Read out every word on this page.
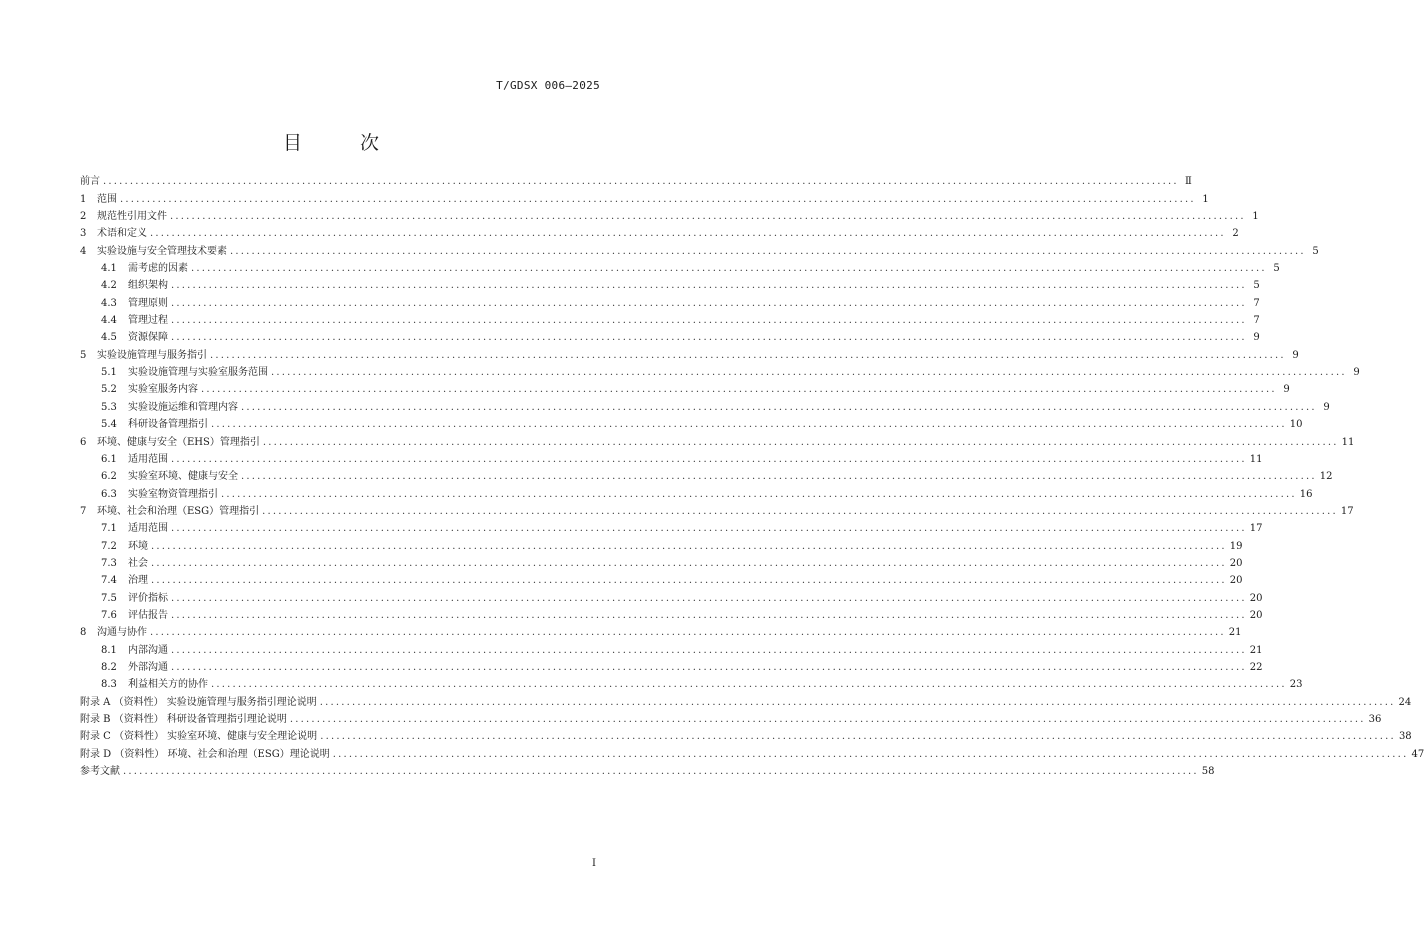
T/GDSX 006—2025
目 次
前言 ........................................................................................................................................................................................................ Ⅱ
1 范围 ........................................................................................................................................................................................................ 1
2 规范性引用文件 ........................................................................................................................................................................................................ 1
3 术语和定义 ........................................................................................................................................................................................................ 2
4 实验设施与安全管理技术要素 ........................................................................................................................................................................................................ 5
4.1 需考虑的因素 ........................................................................................................................................................................................................ 5
4.2 组织架构 ........................................................................................................................................................................................................ 5
4.3 管理原则 ........................................................................................................................................................................................................ 7
4.4 管理过程 ........................................................................................................................................................................................................ 7
4.5 资源保障 ........................................................................................................................................................................................................ 9
5 实验设施管理与服务指引 ........................................................................................................................................................................................................ 9
5.1 实验设施管理与实验室服务范围 ........................................................................................................................................................................................................ 9
5.2 实验室服务内容 ........................................................................................................................................................................................................ 9
5.3 实验设施运维和管理内容 ........................................................................................................................................................................................................ 9
5.4 科研设备管理指引 ........................................................................................................................................................................................................ 10
6 环境、健康与安全（EHS）管理指引 ........................................................................................................................................................................................................ 11
6.1 适用范围 ........................................................................................................................................................................................................ 11
6.2 实验室环境、健康与安全 ........................................................................................................................................................................................................ 12
6.3 实验室物资管理指引 ........................................................................................................................................................................................................ 16
7 环境、社会和治理（ESG）管理指引 ........................................................................................................................................................................................................ 17
7.1 适用范围 ........................................................................................................................................................................................................ 17
7.2 环境 ........................................................................................................................................................................................................ 19
7.3 社会 ........................................................................................................................................................................................................ 20
7.4 治理 ........................................................................................................................................................................................................ 20
7.5 评价指标 ........................................................................................................................................................................................................ 20
7.6 评估报告 ........................................................................................................................................................................................................ 20
8 沟通与协作 ........................................................................................................................................................................................................ 21
8.1 内部沟通 ........................................................................................................................................................................................................ 21
8.2 外部沟通 ........................................................................................................................................................................................................ 22
8.3 利益相关方的协作 ........................................................................................................................................................................................................ 23
附录 A （资料性） 实验设施管理与服务指引理论说明 ........................................................................................................................................................................................................ 24
附录 B （资料性） 科研设备管理指引理论说明 ........................................................................................................................................................................................................ 36
附录 C （资料性） 实验室环境、健康与安全理论说明 ........................................................................................................................................................................................................ 38
附录 D （资料性） 环境、社会和治理（ESG）理论说明 ........................................................................................................................................................................................................ 47
参考文献 ........................................................................................................................................................................................................ 58
I
